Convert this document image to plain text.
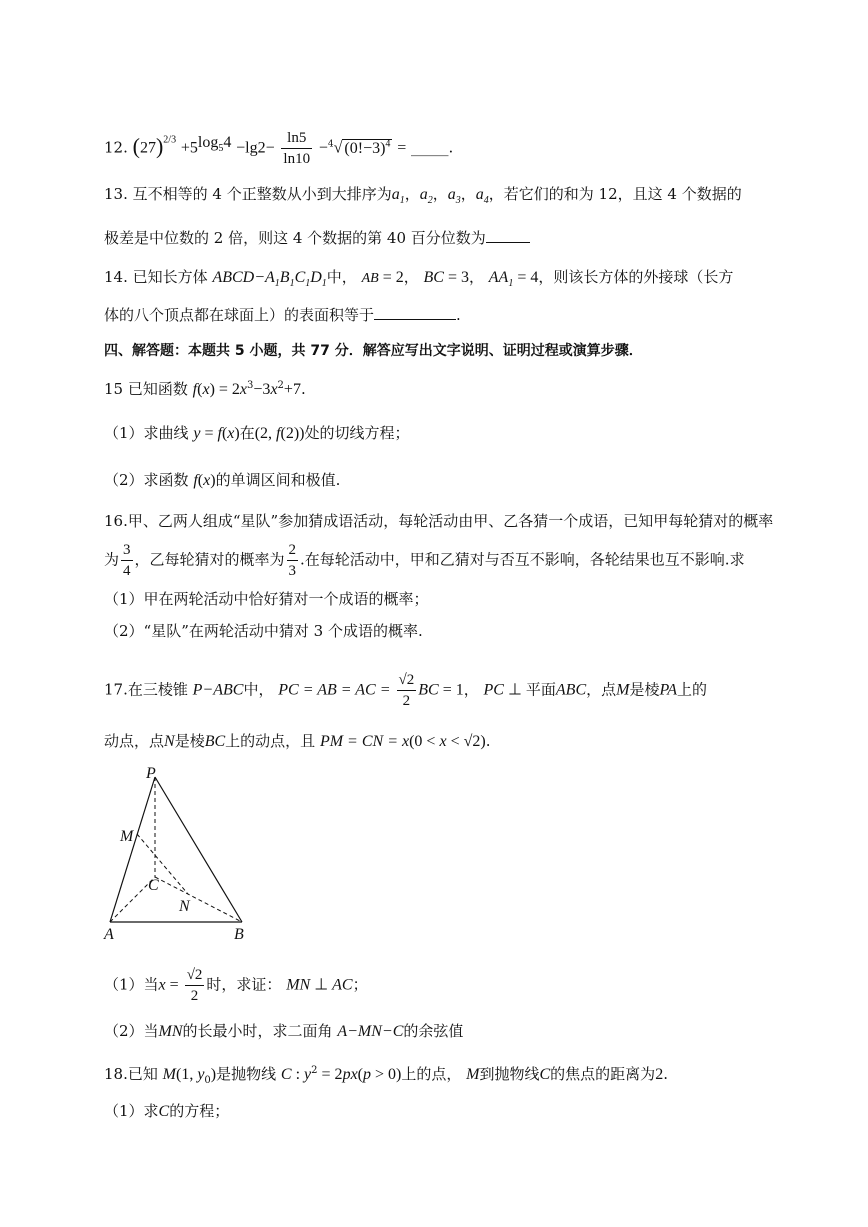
12. $(27)^{2/3} +5^{log_54} -\lg 2- \frac{\ln 5}{\ln 10} -^4√$ $(0!-3)^4$ = _____.
13. 互不相等的 4 个正整数从小到大排序为$a_1$，$a_2$，$a_3$，$a_4$，若它们的和为 12，且这 4 个数据的
极差是中位数的 2 倍，则这 4 个数据的第 40 百分位数为
14. 已知长方体 $ABCD-A_1B_1C_1D_1$中， AB = 2， BC = 3， $AA_1 = 4$，则该长方体的外接球（长方
体的八个顶点都在球面上）的表面积等于	.
四、解答题：本题共 5 小题，共 77 分．解答应写出文字说明、证明过程或演算步骤．
15 已知函数 $f(x) = 2x^3-3x^2+7$.
（1）求曲线 y = f(x)在(2, f(2))处的切线方程；
（2）求函数 f(x)的单调区间和极值.
16.甲、乙两人组成“星队”参加猜成语活动，每轮活动由甲、乙各猜一个成语，已知甲每轮猜对的概率
为 $\frac{3}{4}$ ，乙每轮猜对的概率为 $\frac{2}{3}$ .在每轮活动中，甲和乙猜对与否互不影响，各轮结果也互不影响.求
（1）甲在两轮活动中恰好猜对一个成语的概率；
（2）“星队”在两轮活动中猜对 3 个成语的概率.
17.在三棱锥 P−ABC中， PC = AB = AC = $\frac{√2}{2}$ BC = 1， PC ⊥ 平面ABC，点M是棱PA上的
动点，点N是棱BC上的动点，且 PM = CN = x(0 < x < √2).
P
M
C
N
A	B
（1）当$x = \frac{√2}{2}$ 时，求证： MN ⊥ AC；
（2）当MN的长最小时，求二面角 A−MN−C的余弦值
18.已知 M(1, $y_0$)是抛物线 C : $y^2 = 2px(p > 0)$上的点， M到抛物线C的焦点的距离为2.
（1）求C的方程；
